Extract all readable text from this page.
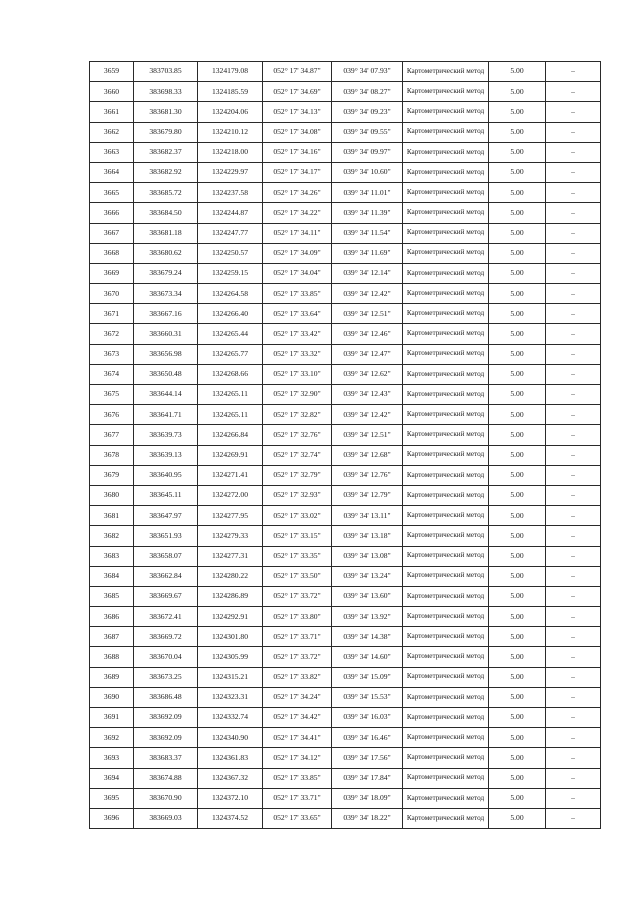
3659	383703.85	1324179.08	052° 17' 34.87"	039° 34' 07.93"	Картометрический метод	5.00	–
3660	383698.33	1324185.59	052° 17' 34.69"	039° 34' 08.27"	Картометрический метод	5.00	–
3661	383681.30	1324204.06	052° 17' 34.13"	039° 34' 09.23"	Картометрический метод	5.00	–
3662	383679.80	1324210.12	052° 17' 34.08"	039° 34' 09.55"	Картометрический метод	5.00	–
3663	383682.37	1324218.00	052° 17' 34.16"	039° 34' 09.97"	Картометрический метод	5.00	–
3664	383682.92	1324229.97	052° 17' 34.17"	039° 34' 10.60"	Картометрический метод	5.00	–
3665	383685.72	1324237.58	052° 17' 34.26"	039° 34' 11.01"	Картометрический метод	5.00	–
3666	383684.50	1324244.87	052° 17' 34.22"	039° 34' 11.39"	Картометрический метод	5.00	–
3667	383681.18	1324247.77	052° 17' 34.11"	039° 34' 11.54"	Картометрический метод	5.00	–
3668	383680.62	1324250.57	052° 17' 34.09"	039° 34' 11.69"	Картометрический метод	5.00	–
3669	383679.24	1324259.15	052° 17' 34.04"	039° 34' 12.14"	Картометрический метод	5.00	–
3670	383673.34	1324264.58	052° 17' 33.85"	039° 34' 12.42"	Картометрический метод	5.00	–
3671	383667.16	1324266.40	052° 17' 33.64"	039° 34' 12.51"	Картометрический метод	5.00	–
3672	383660.31	1324265.44	052° 17' 33.42"	039° 34' 12.46"	Картометрический метод	5.00	–
3673	383656.98	1324265.77	052° 17' 33.32"	039° 34' 12.47"	Картометрический метод	5.00	–
3674	383650.48	1324268.66	052° 17' 33.10"	039° 34' 12.62"	Картометрический метод	5.00	–
3675	383644.14	1324265.11	052° 17' 32.90"	039° 34' 12.43"	Картометрический метод	5.00	–
3676	383641.71	1324265.11	052° 17' 32.82"	039° 34' 12.42"	Картометрический метод	5.00	–
3677	383639.73	1324266.84	052° 17' 32.76"	039° 34' 12.51"	Картометрический метод	5.00	–
3678	383639.13	1324269.91	052° 17' 32.74"	039° 34' 12.68"	Картометрический метод	5.00	–
3679	383640.95	1324271.41	052° 17' 32.79"	039° 34' 12.76"	Картометрический метод	5.00	–
3680	383645.11	1324272.00	052° 17' 32.93"	039° 34' 12.79"	Картометрический метод	5.00	–
3681	383647.97	1324277.95	052° 17' 33.02"	039° 34' 13.11"	Картометрический метод	5.00	–
3682	383651.93	1324279.33	052° 17' 33.15"	039° 34' 13.18"	Картометрический метод	5.00	–
3683	383658.07	1324277.31	052° 17' 33.35"	039° 34' 13.08"	Картометрический метод	5.00	–
3684	383662.84	1324280.22	052° 17' 33.50"	039° 34' 13.24"	Картометрический метод	5.00	–
3685	383669.67	1324286.89	052° 17' 33.72"	039° 34' 13.60"	Картометрический метод	5.00	–
3686	383672.41	1324292.91	052° 17' 33.80"	039° 34' 13.92"	Картометрический метод	5.00	–
3687	383669.72	1324301.80	052° 17' 33.71"	039° 34' 14.38"	Картометрический метод	5.00	–
3688	383670.04	1324305.99	052° 17' 33.72"	039° 34' 14.60"	Картометрический метод	5.00	–
3689	383673.25	1324315.21	052° 17' 33.82"	039° 34' 15.09"	Картометрический метод	5.00	–
3690	383686.48	1324323.31	052° 17' 34.24"	039° 34' 15.53"	Картометрический метод	5.00	–
3691	383692.09	1324332.74	052° 17' 34.42"	039° 34' 16.03"	Картометрический метод	5.00	–
3692	383692.09	1324340.90	052° 17' 34.41"	039° 34' 16.46"	Картометрический метод	5.00	–
3693	383683.37	1324361.83	052° 17' 34.12"	039° 34' 17.56"	Картометрический метод	5.00	–
3694	383674.88	1324367.32	052° 17' 33.85"	039° 34' 17.84"	Картометрический метод	5.00	–
3695	383670.90	1324372.10	052° 17' 33.71"	039° 34' 18.09"	Картометрический метод	5.00	–
3696	383669.03	1324374.52	052° 17' 33.65"	039° 34' 18.22"	Картометрический метод	5.00	–
